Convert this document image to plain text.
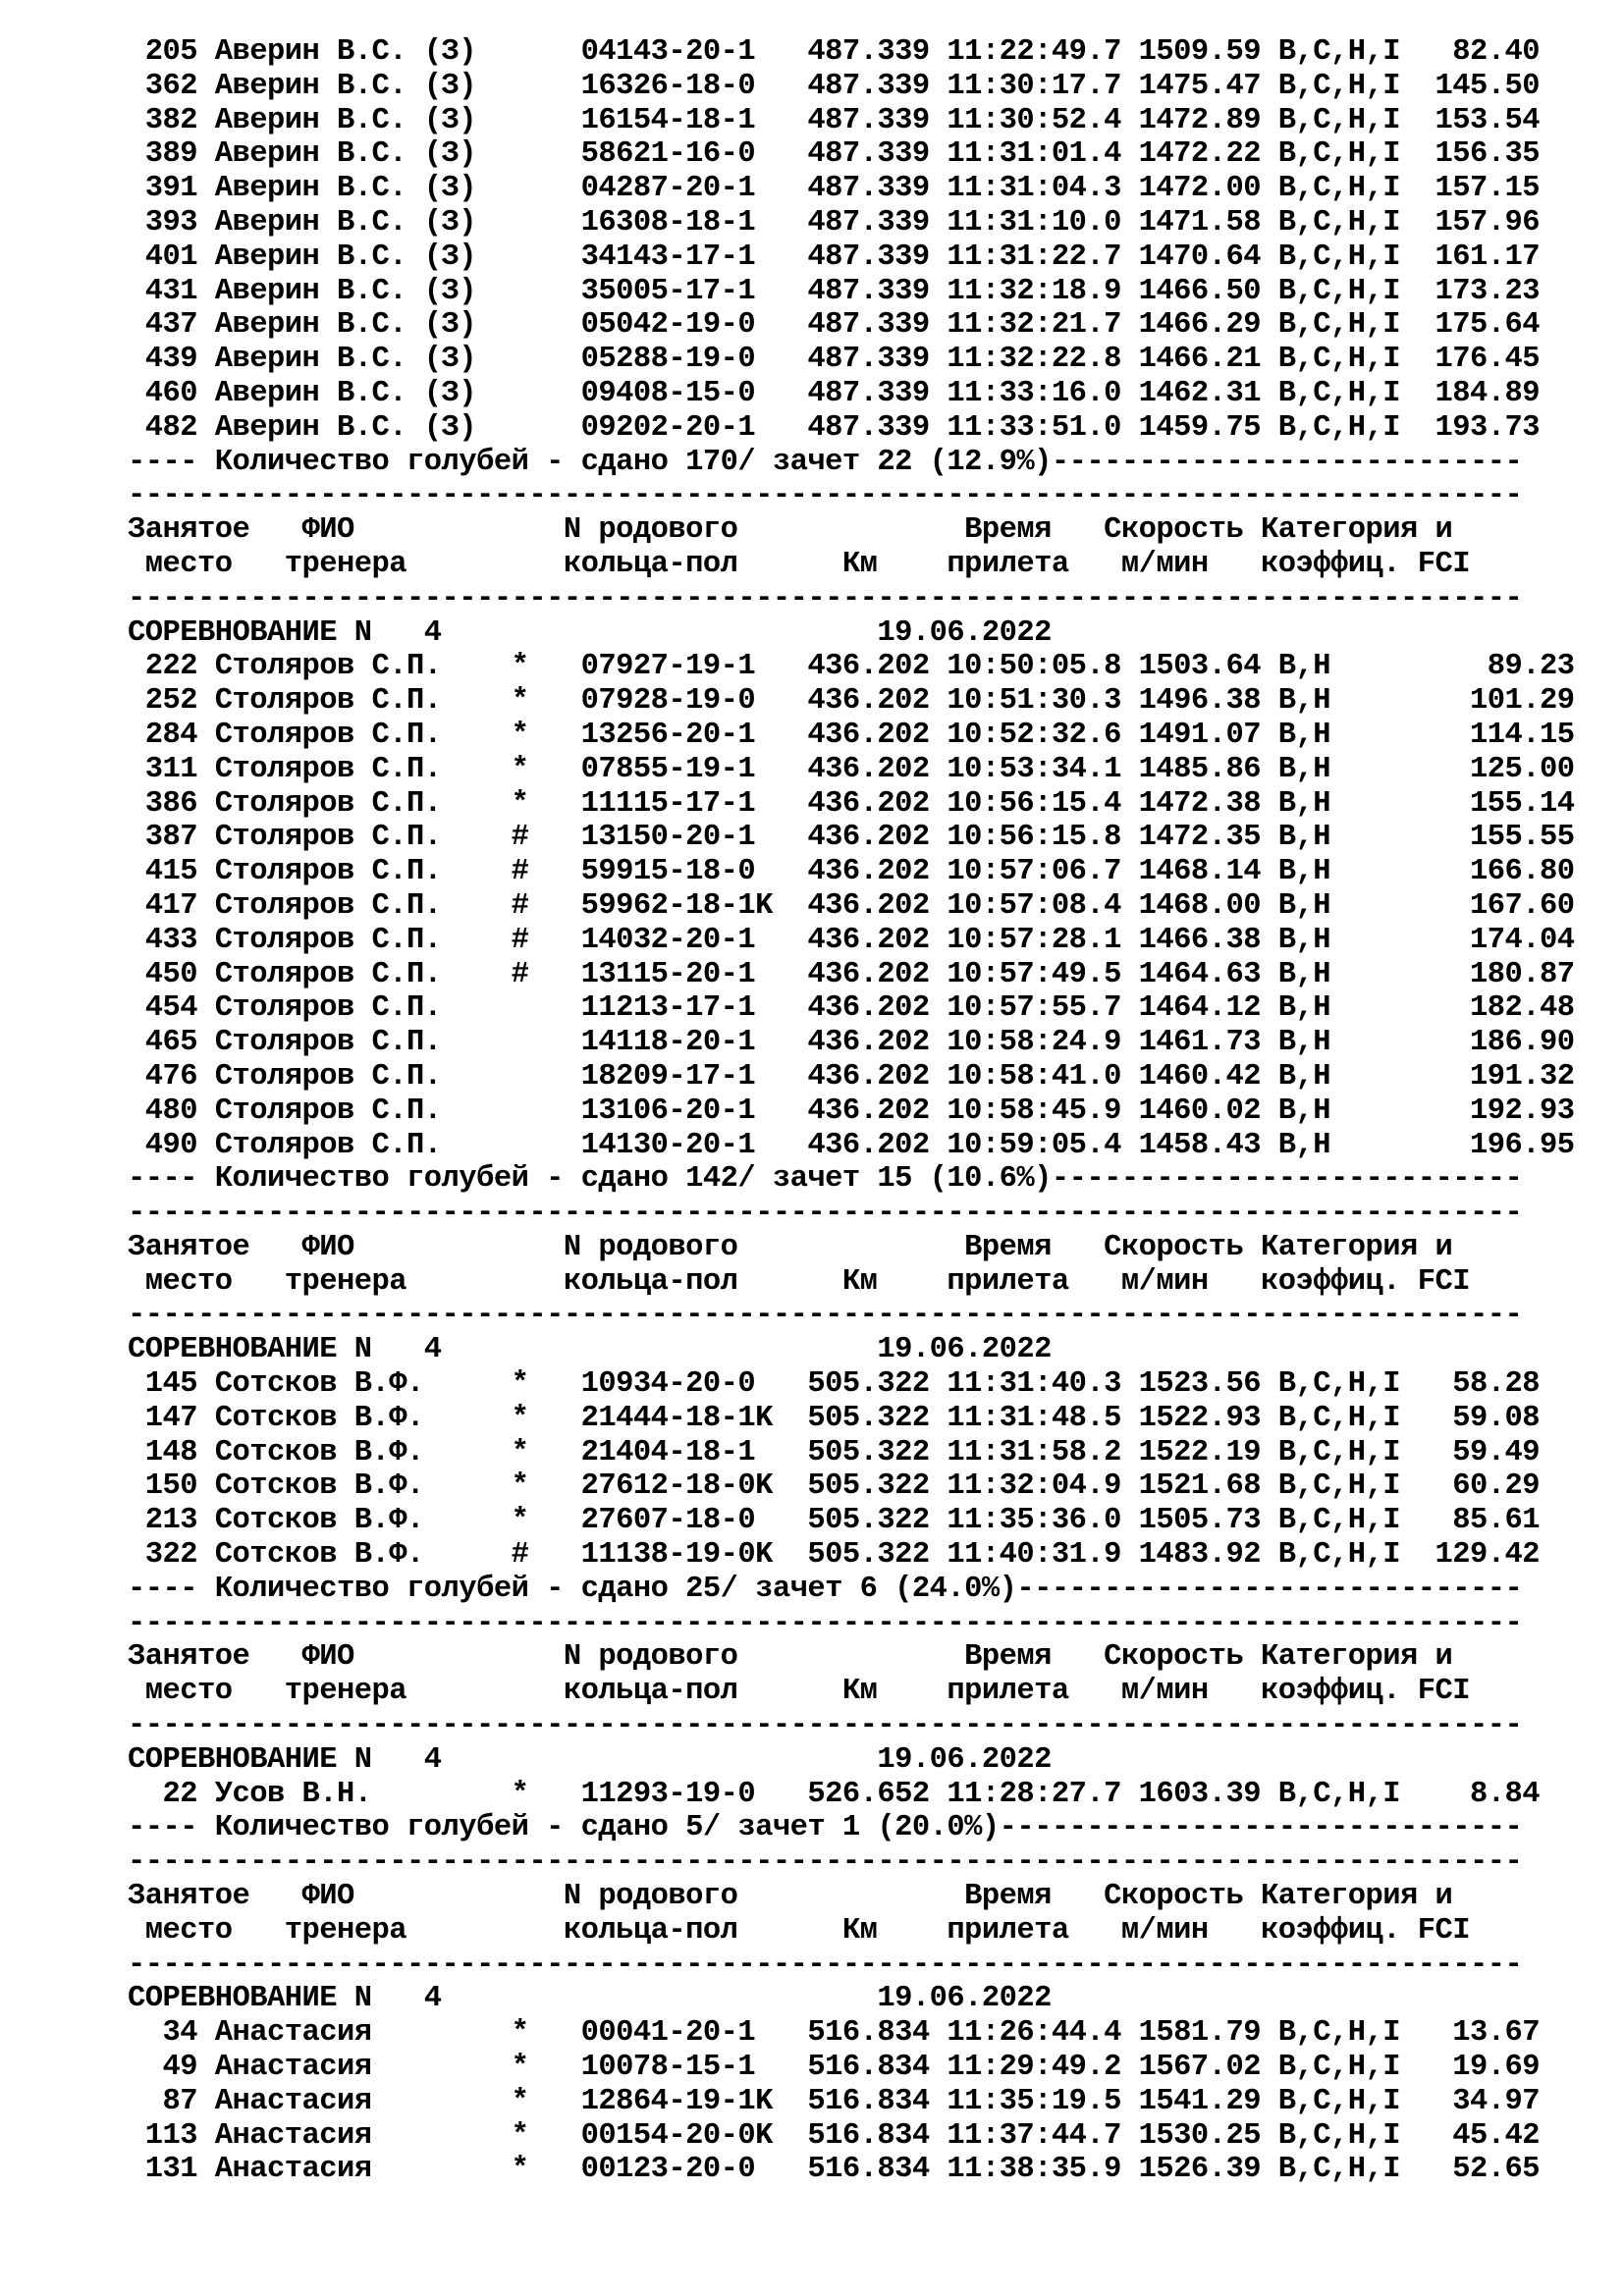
205 Аверин В.С. (З)      04143-20-1   487.339 11:22:49.7 1509.59 B,C,H,I   82.40
362 Аверин В.С. (З)      16326-18-0   487.339 11:30:17.7 1475.47 B,C,H,I  145.50
382 Аверин В.С. (З)      16154-18-1   487.339 11:30:52.4 1472.89 B,C,H,I  153.54
389 Аверин В.С. (З)      58621-16-0   487.339 11:31:01.4 1472.22 B,C,H,I  156.35
391 Аверин В.С. (З)      04287-20-1   487.339 11:31:04.3 1472.00 B,C,H,I  157.15
393 Аверин В.С. (З)      16308-18-1   487.339 11:31:10.0 1471.58 B,C,H,I  157.96
401 Аверин В.С. (З)      34143-17-1   487.339 11:31:22.7 1470.64 B,C,H,I  161.17
431 Аверин В.С. (З)      35005-17-1   487.339 11:32:18.9 1466.50 B,C,H,I  173.23
437 Аверин В.С. (З)      05042-19-0   487.339 11:32:21.7 1466.29 B,C,H,I  175.64
439 Аверин В.С. (З)      05288-19-0   487.339 11:32:22.8 1466.21 B,C,H,I  176.45
460 Аверин В.С. (З)      09408-15-0   487.339 11:33:16.0 1462.31 B,C,H,I  184.89
482 Аверин В.С. (З)      09202-20-1   487.339 11:33:51.0 1459.75 B,C,H,I  193.73
---- Количество голубей - сдано 170/ зачет 22 (12.9%)---------------------------
--------------------------------------------------------------------------------
Занятое   ФИО            N родового             Время   Скорость Категория и
место   тренера         кольца-пол      Км    прилета   м/мин   коэффиц. FCI
--------------------------------------------------------------------------------
СОРЕВНОВАНИЕ N   4                         19.06.2022
222 Столяров С.П.    *   07927-19-1   436.202 10:50:05.8 1503.64 B,H         89.23
252 Столяров С.П.    *   07928-19-0   436.202 10:51:30.3 1496.38 B,H        101.29
284 Столяров С.П.    *   13256-20-1   436.202 10:52:32.6 1491.07 B,H        114.15
311 Столяров С.П.    *   07855-19-1   436.202 10:53:34.1 1485.86 B,H        125.00
386 Столяров С.П.    *   11115-17-1   436.202 10:56:15.4 1472.38 B,H        155.14
387 Столяров С.П.    #   13150-20-1   436.202 10:56:15.8 1472.35 B,H        155.55
415 Столяров С.П.    #   59915-18-0   436.202 10:57:06.7 1468.14 B,H        166.80
417 Столяров С.П.    #   59962-18-1K  436.202 10:57:08.4 1468.00 B,H        167.60
433 Столяров С.П.    #   14032-20-1   436.202 10:57:28.1 1466.38 B,H        174.04
450 Столяров С.П.    #   13115-20-1   436.202 10:57:49.5 1464.63 B,H        180.87
454 Столяров С.П.        11213-17-1   436.202 10:57:55.7 1464.12 B,H        182.48
465 Столяров С.П.        14118-20-1   436.202 10:58:24.9 1461.73 B,H        186.90
476 Столяров С.П.        18209-17-1   436.202 10:58:41.0 1460.42 B,H        191.32
480 Столяров С.П.        13106-20-1   436.202 10:58:45.9 1460.02 B,H        192.93
490 Столяров С.П.        14130-20-1   436.202 10:59:05.4 1458.43 B,H        196.95
---- Количество голубей - сдано 142/ зачет 15 (10.6%)---------------------------
--------------------------------------------------------------------------------
Занятое   ФИО            N родового             Время   Скорость Категория и
место   тренера         кольца-пол      Км    прилета   м/мин   коэффиц. FCI
--------------------------------------------------------------------------------
СОРЕВНОВАНИЕ N   4                         19.06.2022
145 Сотсков В.Ф.     *   10934-20-0   505.322 11:31:40.3 1523.56 B,C,H,I   58.28
147 Сотсков В.Ф.     *   21444-18-1K  505.322 11:31:48.5 1522.93 B,C,H,I   59.08
148 Сотсков В.Ф.     *   21404-18-1   505.322 11:31:58.2 1522.19 B,C,H,I   59.49
150 Сотсков В.Ф.     *   27612-18-0K  505.322 11:32:04.9 1521.68 B,C,H,I   60.29
213 Сотсков В.Ф.     *   27607-18-0   505.322 11:35:36.0 1505.73 B,C,H,I   85.61
322 Сотсков В.Ф.     #   11138-19-0K  505.322 11:40:31.9 1483.92 B,C,H,I  129.42
---- Количество голубей - сдано 25/ зачет 6 (24.0%)-----------------------------
--------------------------------------------------------------------------------
Занятое   ФИО            N родового             Время   Скорость Категория и
место   тренера         кольца-пол      Км    прилета   м/мин   коэффиц. FCI
--------------------------------------------------------------------------------
СОРЕВНОВАНИЕ N   4                         19.06.2022
22 Усов В.Н.        *   11293-19-0   526.652 11:28:27.7 1603.39 B,C,H,I    8.84
---- Количество голубей - сдано 5/ зачет 1 (20.0%)------------------------------
--------------------------------------------------------------------------------
Занятое   ФИО            N родового             Время   Скорость Категория и
место   тренера         кольца-пол      Км    прилета   м/мин   коэффиц. FCI
--------------------------------------------------------------------------------
СОРЕВНОВАНИЕ N   4                         19.06.2022
34 Анастасия        *   00041-20-1   516.834 11:26:44.4 1581.79 B,C,H,I   13.67
49 Анастасия        *   10078-15-1   516.834 11:29:49.2 1567.02 B,C,H,I   19.69
87 Анастасия        *   12864-19-1K  516.834 11:35:19.5 1541.29 B,C,H,I   34.97
113 Анастасия        *   00154-20-0K  516.834 11:37:44.7 1530.25 B,C,H,I   45.42
131 Анастасия        *   00123-20-0   516.834 11:38:35.9 1526.39 B,C,H,I   52.65
